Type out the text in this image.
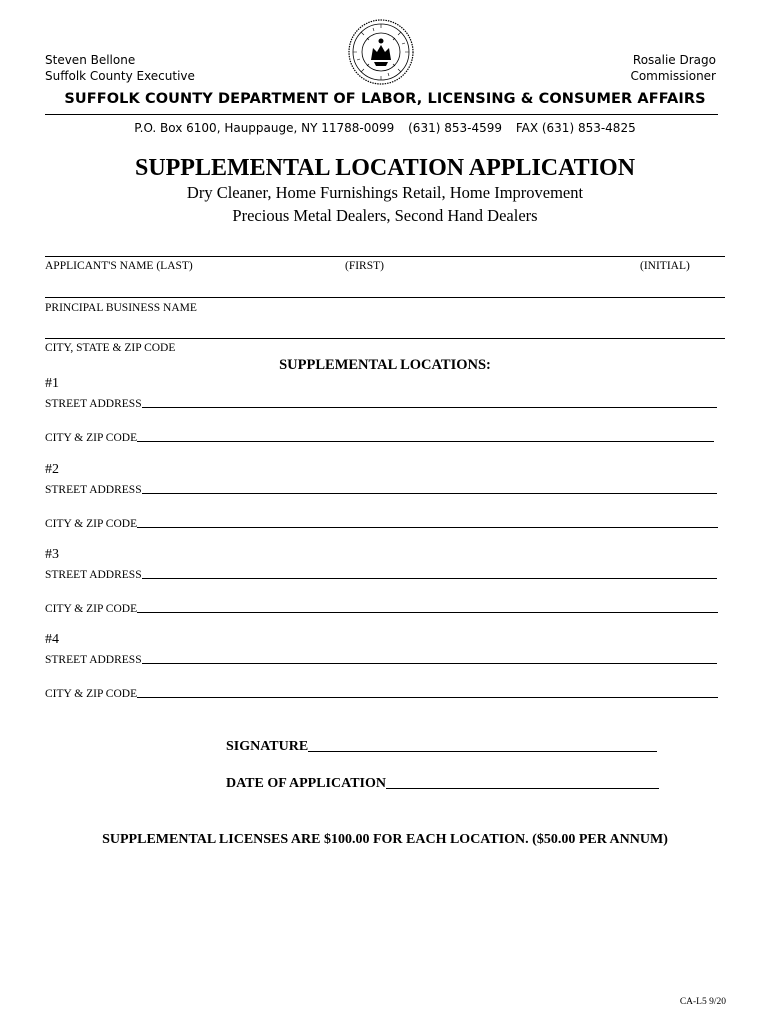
Steven Bellone
Suffolk County Executive
Rosalie Drago
Commissioner
SUFFOLK COUNTY DEPARTMENT OF LABOR, LICENSING & CONSUMER AFFAIRS
P.O. Box 6100, Hauppauge, NY 11788-0099 (631) 853-4599 FAX (631) 853-4825
SUPPLEMENTAL LOCATION APPLICATION
Dry Cleaner, Home Furnishings Retail, Home Improvement
Precious Metal Dealers, Second Hand Dealers
APPLICANT'S NAME (LAST)	(FIRST)	(INITIAL)
PRINCIPAL BUSINESS NAME
CITY, STATE & ZIP CODE
SUPPLEMENTAL LOCATIONS:
#1
STREET ADDRESS
CITY & ZIP CODE
#2
STREET ADDRESS
CITY & ZIP CODE
#3
STREET ADDRESS
CITY & ZIP CODE
#4
STREET ADDRESS
CITY & ZIP CODE
SIGNATURE
DATE OF APPLICATION
SUPPLEMENTAL LICENSES ARE $100.00 FOR EACH LOCATION. ($50.00 PER ANNUM)
CA-L5 9/20
